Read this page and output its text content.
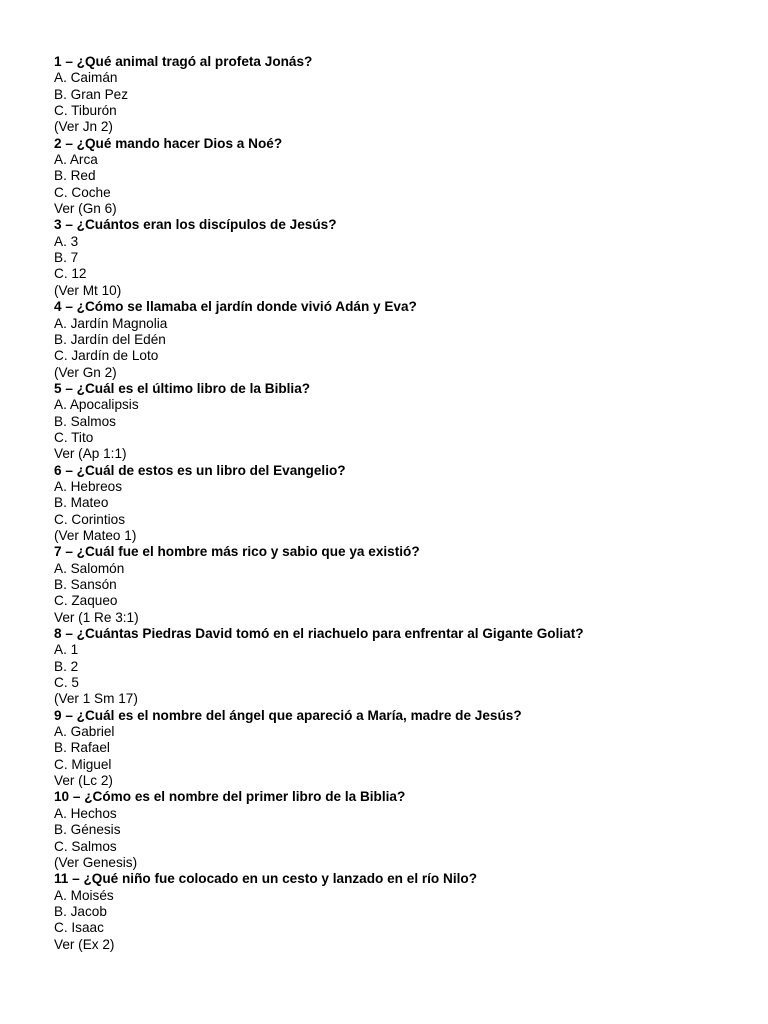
1 – ¿Qué animal tragó al profeta Jonás?
A. Caimán
B. Gran Pez
C. Tiburón
(Ver Jn 2)
2 – ¿Qué mando hacer Dios a Noé?
A. Arca
B. Red
C. Coche
Ver (Gn 6)
3 – ¿Cuántos eran los discípulos de Jesús?
A. 3
B. 7
C. 12
(Ver Mt 10)
4 – ¿Cómo se llamaba el jardín donde vivió Adán y Eva?
A. Jardín Magnolia
B. Jardín del Edén
C. Jardín de Loto
(Ver Gn 2)
5 – ¿Cuál es el último libro de la Biblia?
A. Apocalipsis
B. Salmos
C. Tito
Ver (Ap 1:1)
6 – ¿Cuál de estos es un libro del Evangelio?
A. Hebreos
B. Mateo
C. Corintios
(Ver Mateo 1)
7 – ¿Cuál fue el hombre más rico y sabio que ya existió?
A. Salomón
B. Sansón
C. Zaqueo
Ver (1 Re 3:1)
8 – ¿Cuántas Piedras David tomó en el riachuelo para enfrentar al Gigante Goliat?
A. 1
B. 2
C. 5
(Ver 1 Sm 17)
9 – ¿Cuál es el nombre del ángel que apareció a María, madre de Jesús?
A. Gabriel
B. Rafael
C. Miguel
Ver (Lc 2)
10 – ¿Cómo es el nombre del primer libro de la Biblia?
A. Hechos
B. Génesis
C. Salmos
(Ver Genesis)
11 – ¿Qué niño fue colocado en un cesto y lanzado en el río Nilo?
A. Moisés
B. Jacob
C. Isaac
Ver (Ex 2)
